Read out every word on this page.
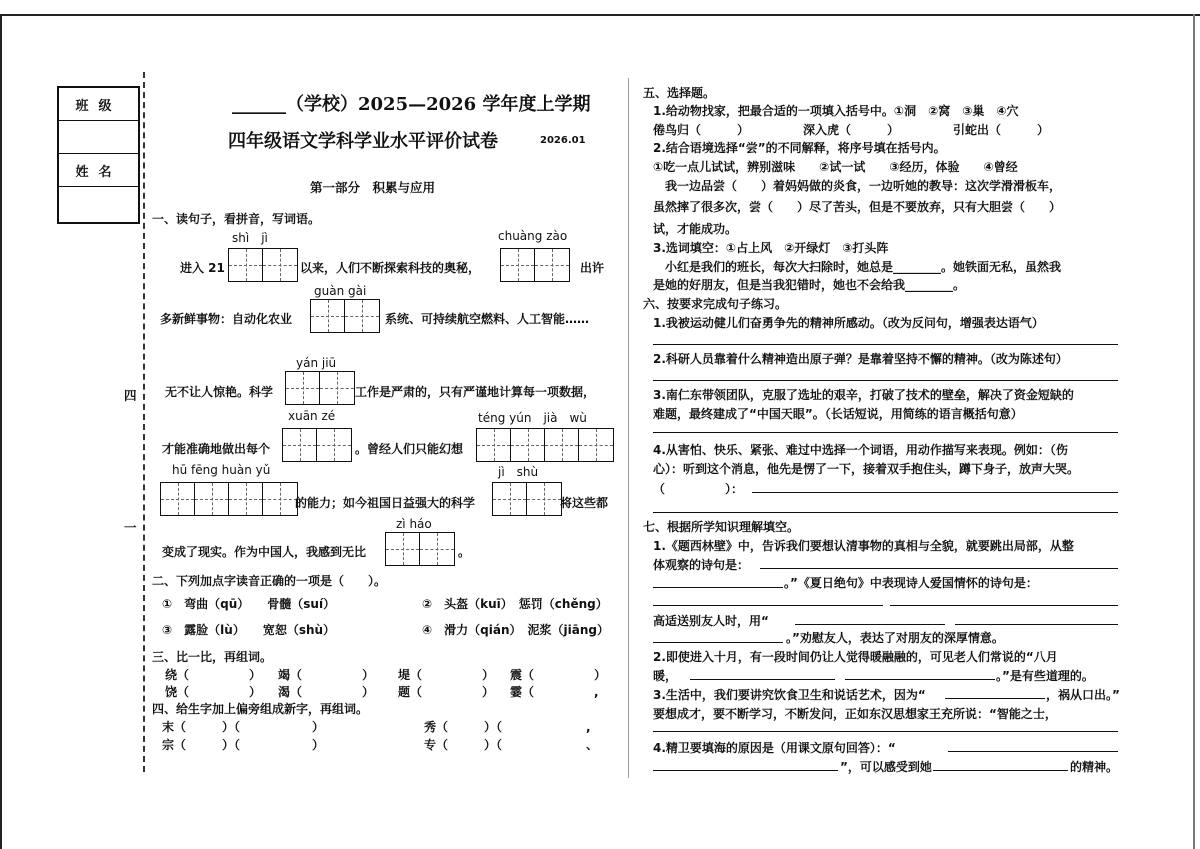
班级
姓名
四
一
______（学校）2025—2026 学年度上学期
四年级语文学科学业水平评价试卷	2026.01
第一部分　积累与应用
一、读句子，看拼音，写词语。
shì　jì	chuàng zào
进入 21	以来，人们不断探索科技的奥秘，	出许
guàn gài
多新鲜事物：自动化农业	系统、可持续航空燃料、人工智能……
yán jiū
无不让人惊艳。科学	工作是严肃的，只有严谨地计算每一项数据，
xuān zé	téng yún　jià　wù
才能准确地做出每个	。曾经人们只能幻想
hū fēng huàn yǔ	jì　shù
的能力；如今祖国日益强大的科学	将这些都
zì háo
变成了现实。作为中国人，我感到无比	。
二、下列加点字读音正确的一项是（　　）。
①　弯曲（qū）　　骨髓（suí）	②　头盔（kuī）　惩罚（chěng）
③　露脸（lù）　　宽恕（shù）	④　滑力（qián）　泥浆（jiāng）
三、比一比，再组词。
绕（　　　　　） 竭（　　　　　） 堤（　　　　　） 震（　　　　　）
饶（　　　　　） 渴（　　　　　） 题（　　　　　） 霎（　　　　　,
四、给生字加上偏旁组成新字，再组词。
末（　　　）（　　　　　　）	秀（　　　）（　　　　　　　,
宗（　　　）（　　　　　　）	专（　　　）（　　　　　　　、
五、选择题。
1.给动物找家，把最合适的一项填入括号中。①洞　②窝　③巢　④穴
倦鸟归（　　　）　　　　　深入虎（　　　）　　　　　引蛇出（　　　）
2.结合语境选择“尝”的不同解释，将序号填在括号内。
①吃一点儿试试，辨别滋味　　②试一试　　③经历，体验　　④曾经
　我一边品尝（　　）着妈妈做的炎食，一边听她的教导：这次学滑滑板车，
虽然摔了很多次，尝（　　）尽了苦头，但是不要放弃，只有大胆尝（　　）
试，才能成功。
3.选词填空：①占上风　②开绿灯　③打头阵
　小红是我们的班长，每次大扫除时，她总是________。她铁面无私，虽然我
是她的好朋友，但是当我犯错时，她也不会给我________。
六、按要求完成句子练习。
1.我被运动健儿们奋勇争先的精神所感动。（改为反问句，增强表达语气）
2.科研人员靠着什么精神造出原子弹？是靠着坚持不懈的精神。（改为陈述句）
3.南仁东带领团队，克服了选址的艰辛，打破了技术的壁垒，解决了资金短缺的
难题，最终建成了“中国天眼”。（长话短说，用简练的语言概括句意）
4.从害怕、快乐、紧张、难过中选择一个词语，用动作描写来表现。例如：（伤
心）：听到这个消息，他先是愣了一下，接着双手抱住头，蹲下身子，放声大哭。
（　　　　　）：
七、根据所学知识理解填空。
1.《题西林壁》中，告诉我们要想认清事物的真相与全貌，就要跳出局部，从整
体观察的诗句是：
。”《夏日绝句》中表现诗人爱国情怀的诗句是：
高适送别友人时，用“
。”劝慰友人，表达了对朋友的深厚情意。
2.即使进入十月，有一段时间仍让人觉得暖融融的，可见老人们常说的“八月
暖，	。”是有些道理的。
3.生活中，我们要讲究饮食卫生和说话艺术，因为“	，祸从口出。”
要想成才，要不断学习，不断发问，正如东汉思想家王充所说：“智能之士，
4.精卫要填海的原因是（用课文原句回答）：“
”，可以感受到她	的精神。
